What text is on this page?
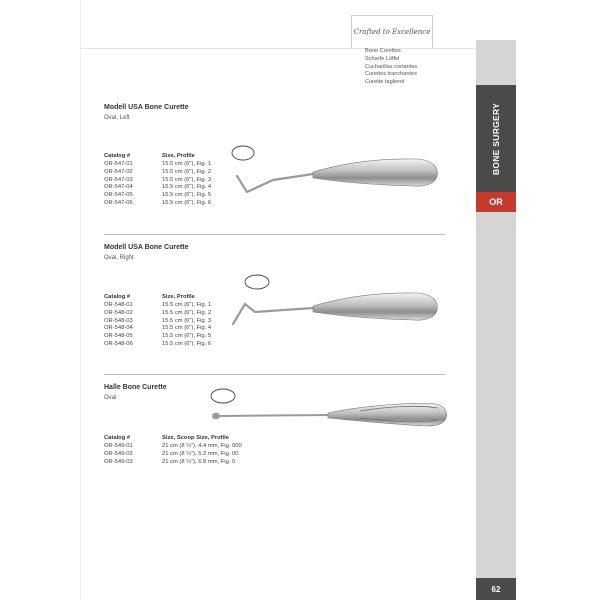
Crafted to Excellence
Bone Curettes
Scharfe Löffel
Cucharillas cortantes
Curettes tranchantes
Curette taglienti
BONE SURGERY
OR
62
Modell USA Bone Curette
Oval, Left
Catalog #	Size, Profile
OR-547-01	15.5 cm (6"), Fig. 1
OR-547-02	15.5 cm (6"), Fig. 2
OR-547-03	15.5 cm (6"), Fig. 3
OR-547-04	15.5 cm (6"), Fig. 4
OR-547-05	15.5 cm (6"), Fig. 5
OR-547-06	15.5 cm (6"), Fig. 6
Modell USA Bone Curette
Oval, Right
Catalog #	Size, Profile
OR-548-01	15.5 cm (6"), Fig. 1
OR-548-02	15.5 cm (6"), Fig. 2
OR-548-03	15.5 cm (6"), Fig. 3
OR-548-04	15.5 cm (6"), Fig. 4
OR-548-05	15.5 cm (6"), Fig. 5
OR-548-06	15.5 cm (6"), Fig. 6
Halle Bone Curette
Oval
Catalog #	Size, Scoop Size, Profile
OR-549-01	21 cm (8 ¼"), 4.4 mm, Fig. 000
OR-549-02	21 cm (8 ¼"), 5.2 mm, Fig. 00
OR-549-03	21 cm (8 ¼"), 6.8 mm, Fig. 0
